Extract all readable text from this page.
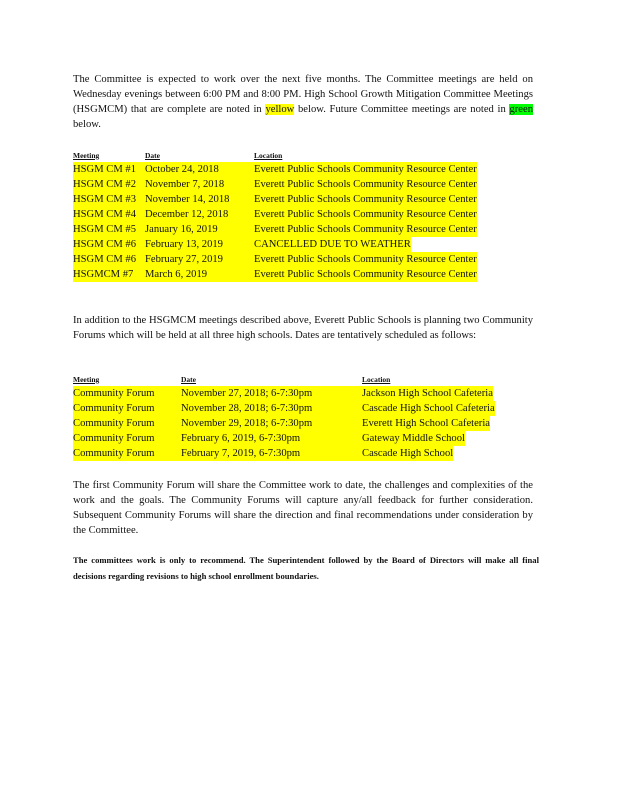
The Committee is expected to work over the next five months. The Committee meetings are held on Wednesday evenings between 6:00 PM and 8:00 PM. High School Growth Mitigation Committee Meetings (HSGMCM) that are complete are noted in yellow below. Future Committee meetings are noted in green below.
Meeting	Date	Location
HSGM CM #1	October 24, 2018	Everett Public Schools Community Resource Center
HSGM CM #2	November 7, 2018	Everett Public Schools Community Resource Center
HSGM CM #3	November 14, 2018	Everett Public Schools Community Resource Center
HSGM CM #4	December 12, 2018	Everett Public Schools Community Resource Center
HSGM CM #5	January 16, 2019	Everett Public Schools Community Resource Center
HSGM CM #6	February 13, 2019	CANCELLED DUE TO WEATHER
HSGM CM #6	February 27, 2019	Everett Public Schools Community Resource Center
HSGMCM #7	March 6, 2019	Everett Public Schools Community Resource Center
In addition to the HSGMCM meetings described above, Everett Public Schools is planning two Community Forums which will be held at all three high schools. Dates are tentatively scheduled as follows:
Meeting	Date	Location
Community Forum	November 27, 2018; 6-7:30pm	Jackson High School Cafeteria
Community Forum	November 28, 2018; 6-7:30pm	Cascade High School Cafeteria
Community Forum	November 29, 2018; 6-7:30pm	Everett High School Cafeteria
Community Forum	February 6, 2019, 6-7:30pm	Gateway Middle School
Community Forum	February 7, 2019, 6-7:30pm	Cascade High School
The first Community Forum will share the Committee work to date, the challenges and complexities of the work and the goals. The Community Forums will capture any/all feedback for further consideration. Subsequent Community Forums will share the direction and final recommendations under consideration by the Committee.
The committees work is only to recommend. The Superintendent followed by the Board of Directors will make all final decisions regarding revisions to high school enrollment boundaries.
